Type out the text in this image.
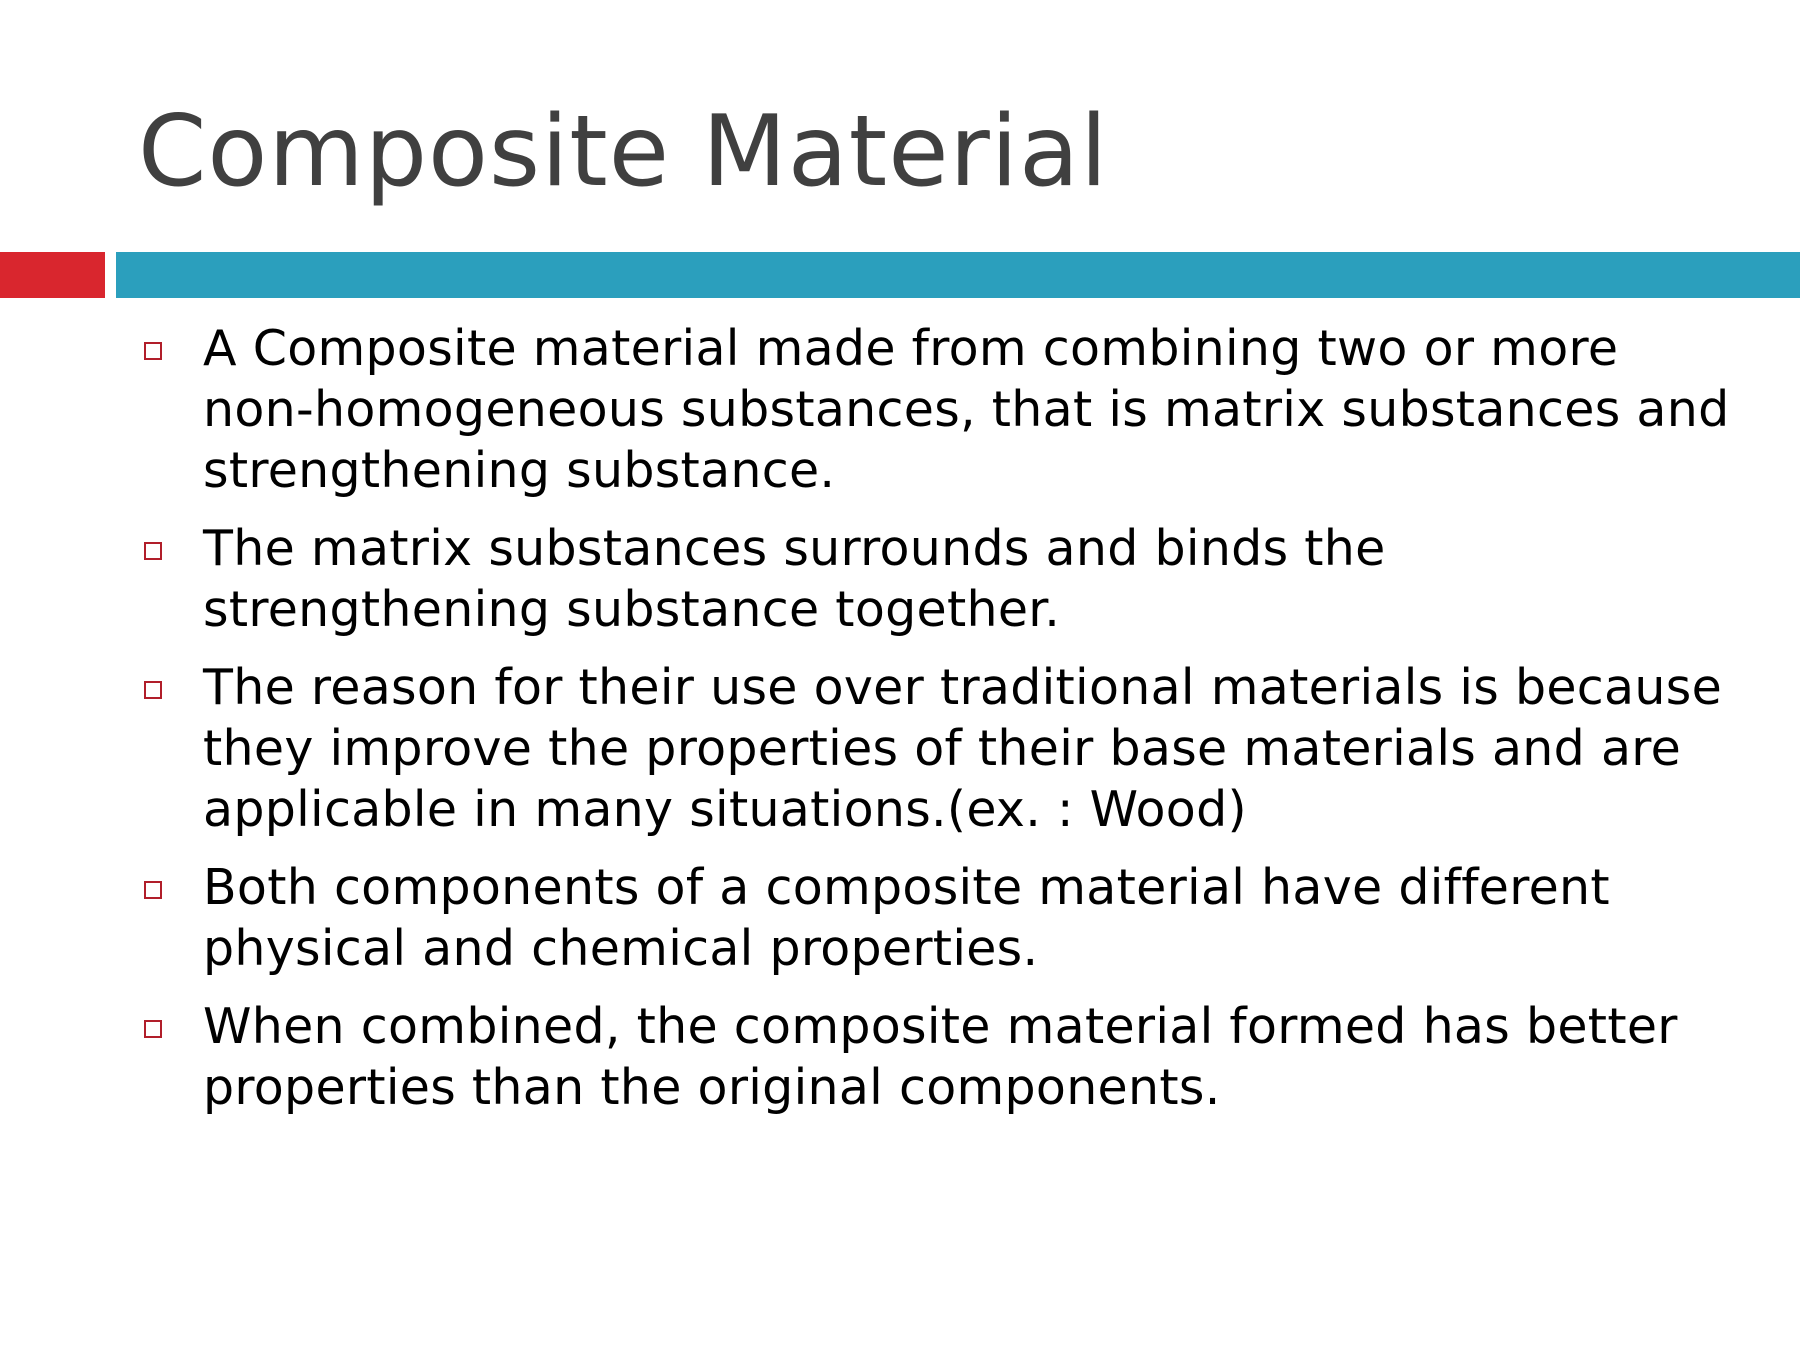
Composite Material
A Composite material made from combining two or more non-homogeneous substances, that is matrix substances and strengthening substance.
The matrix substances surrounds and binds the strengthening substance together.
The reason for their use over traditional materials is because they improve the properties of their base materials and are applicable in many situations.(ex. : Wood)
Both components of a composite material have different physical and chemical properties.
When combined, the composite material formed has better properties than the original components.
